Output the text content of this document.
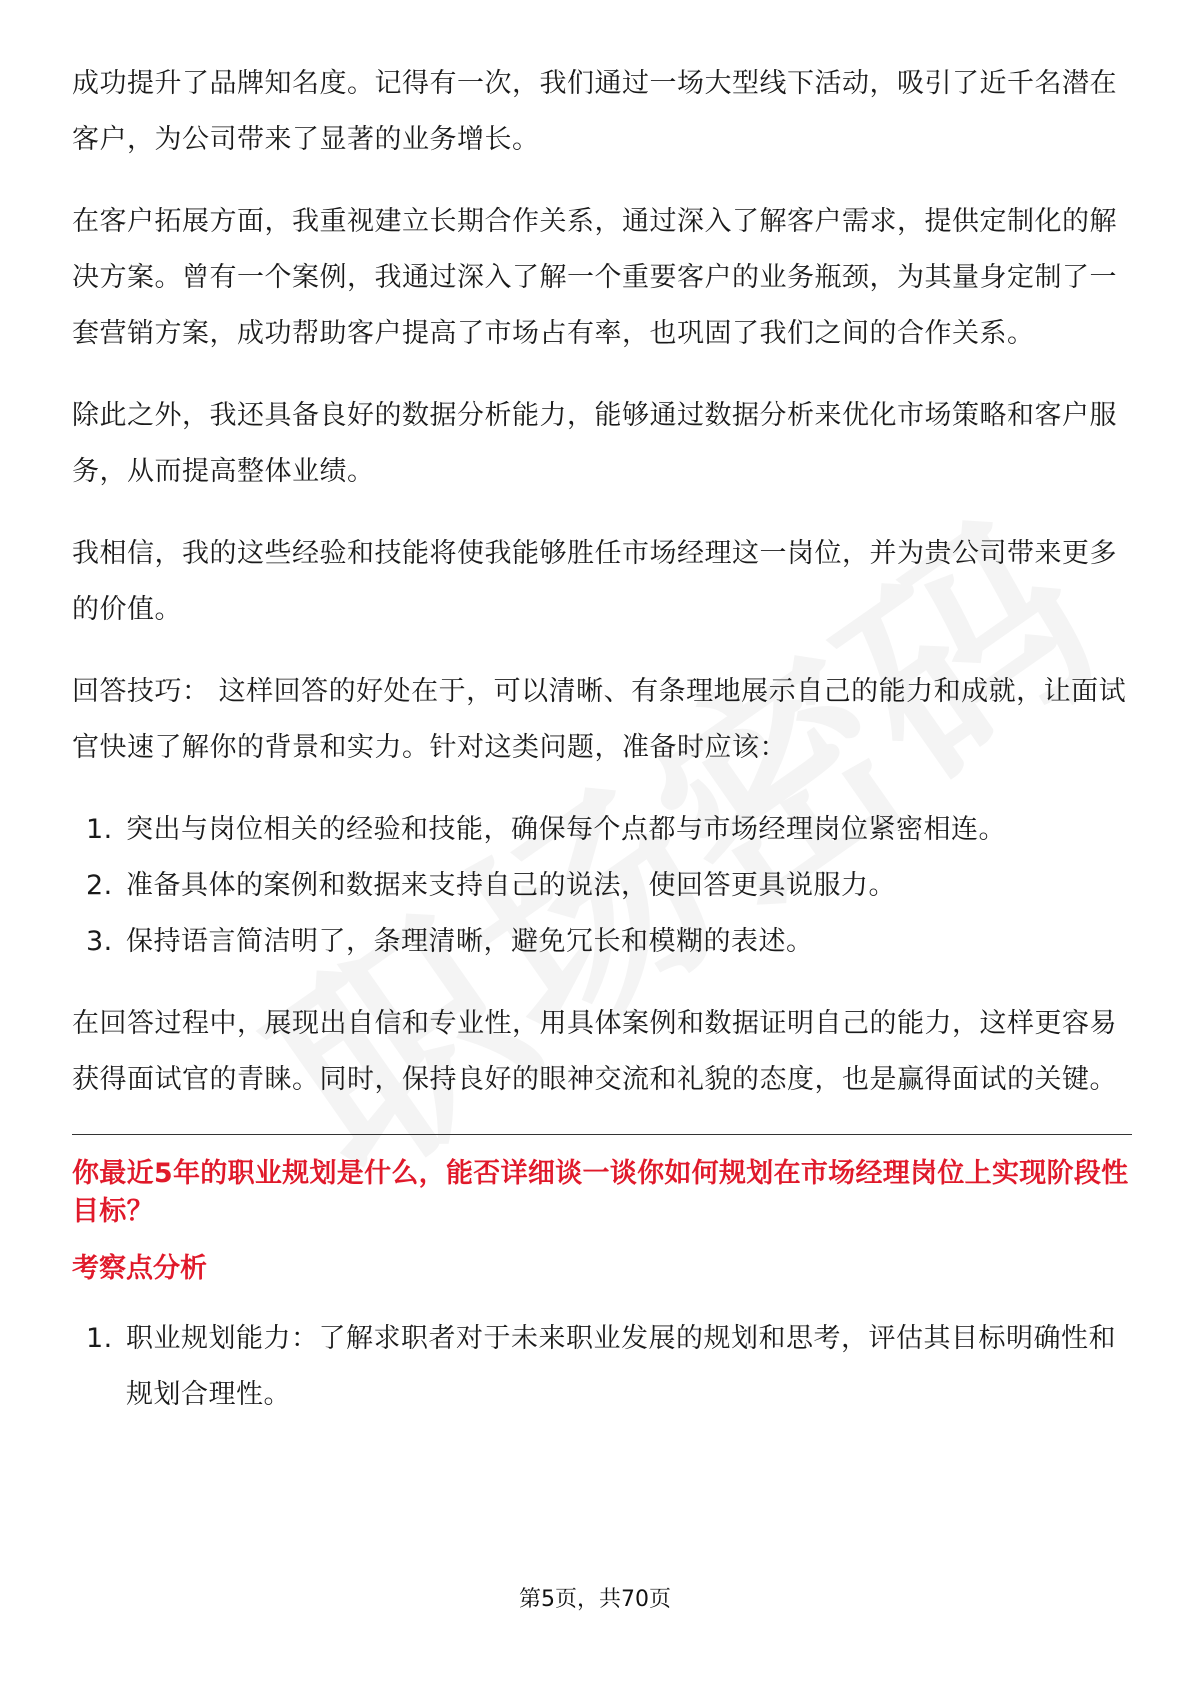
成功提升了品牌知名度。记得有一次，我们通过一场大型线下活动，吸引了近千名潜在客户，为公司带来了显著的业务增长。

在客户拓展方面，我重视建立长期合作关系，通过深入了解客户需求，提供定制化的解决方案。曾有一个案例，我通过深入了解一个重要客户的业务瓶颈，为其量身定制了一套营销方案，成功帮助客户提高了市场占有率，也巩固了我们之间的合作关系。

除此之外，我还具备良好的数据分析能力，能够通过数据分析来优化市场策略和客户服务，从而提高整体业绩。

我相信，我的这些经验和技能将使我能够胜任市场经理这一岗位，并为贵公司带来更多的价值。

回答技巧： 这样回答的好处在于，可以清晰、有条理地展示自己的能力和成就，让面试官快速了解你的背景和实力。针对这类问题，准备时应该：

1. 突出与岗位相关的经验和技能，确保每个点都与市场经理岗位紧密相连。
2. 准备具体的案例和数据来支持自己的说法，使回答更具说服力。
3. 保持语言简洁明了，条理清晰，避免冗长和模糊的表述。

在回答过程中，展现出自信和专业性，用具体案例和数据证明自己的能力，这样更容易获得面试官的青睐。同时，保持良好的眼神交流和礼貌的态度，也是赢得面试的关键。

你最近5年的职业规划是什么，能否详细谈一谈你如何规划在市场经理岗位上实现阶段性目标？
考察点分析
1. 职业规划能力：了解求职者对于未来职业发展的规划和思考，评估其目标明确性和规划合理性。
第5页，共70页
